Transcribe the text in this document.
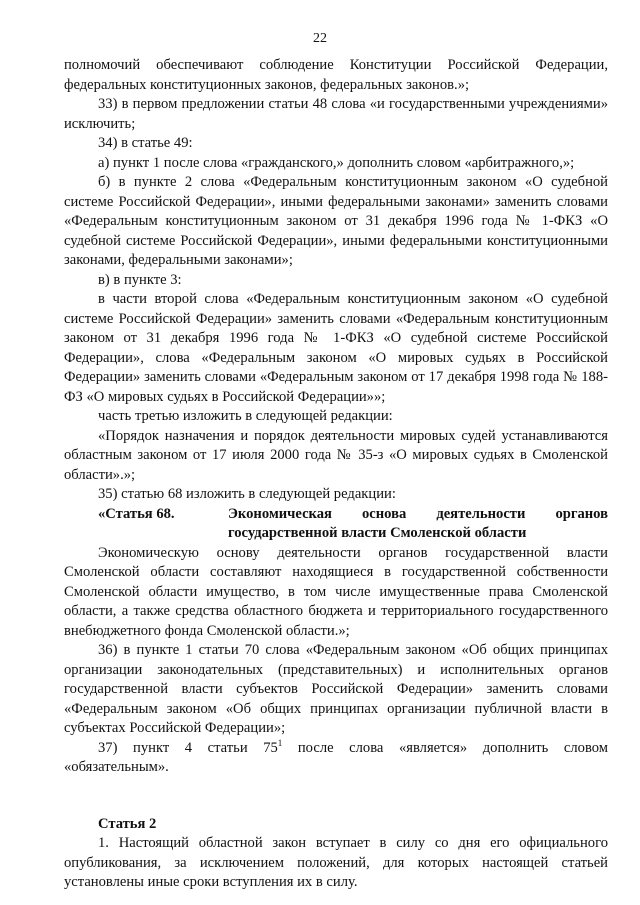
22

полномочий обеспечивают соблюдение Конституции Российской Федерации, федеральных конституционных законов, федеральных законов.»;

33) в первом предложении статьи 48 слова «и государственными учреждениями» исключить;

34) в статье 49:

а) пункт 1 после слова «гражданского,» дополнить словом «арбитражного,»;

б) в пункте 2 слова «Федеральным конституционным законом «О судебной системе Российской Федерации», иными федеральными законами» заменить словами «Федеральным конституционным законом от 31 декабря 1996 года № 1-ФКЗ «О судебной системе Российской Федерации», иными федеральными конституционными законами, федеральными законами»;

в) в пункте 3:

в части второй слова «Федеральным конституционным законом «О судебной системе Российской Федерации» заменить словами «Федеральным конституционным законом от 31 декабря 1996 года № 1-ФКЗ «О судебной системе Российской Федерации», слова «Федеральным законом «О мировых судьях в Российской Федерации» заменить словами «Федеральным законом от 17 декабря 1998 года № 188-ФЗ «О мировых судьях в Российской Федерации»»;

часть третью изложить в следующей редакции:

«Порядок назначения и порядок деятельности мировых судей устанавливаются областным законом от 17 июля 2000 года № 35-з «О мировых судьях в Смоленской области».»;

35) статью 68 изложить в следующей редакции:

«Статья 68.	Экономическая основа деятельности органов
государственной власти Смоленской области

Экономическую основу деятельности органов государственной власти Смоленской области составляют находящиеся в государственной собственности Смоленской области имущество, в том числе имущественные права Смоленской области, а также средства областного бюджета и территориального государственного внебюджетного фонда Смоленской области.»;

36) в пункте 1 статьи 70 слова «Федеральным законом «Об общих принципах организации законодательных (представительных) и исполнительных органов государственной власти субъектов Российской Федерации» заменить словами «Федеральным законом «Об общих принципах организации публичной власти в субъектах Российской Федерации»;

37) пункт 4 статьи $75^1$ после слова «является» дополнить словом «обязательным».

Статья 2

1. Настоящий областной закон вступает в силу со дня его официального опубликования, за исключением положений, для которых настоящей статьей установлены иные сроки вступления их в силу.
